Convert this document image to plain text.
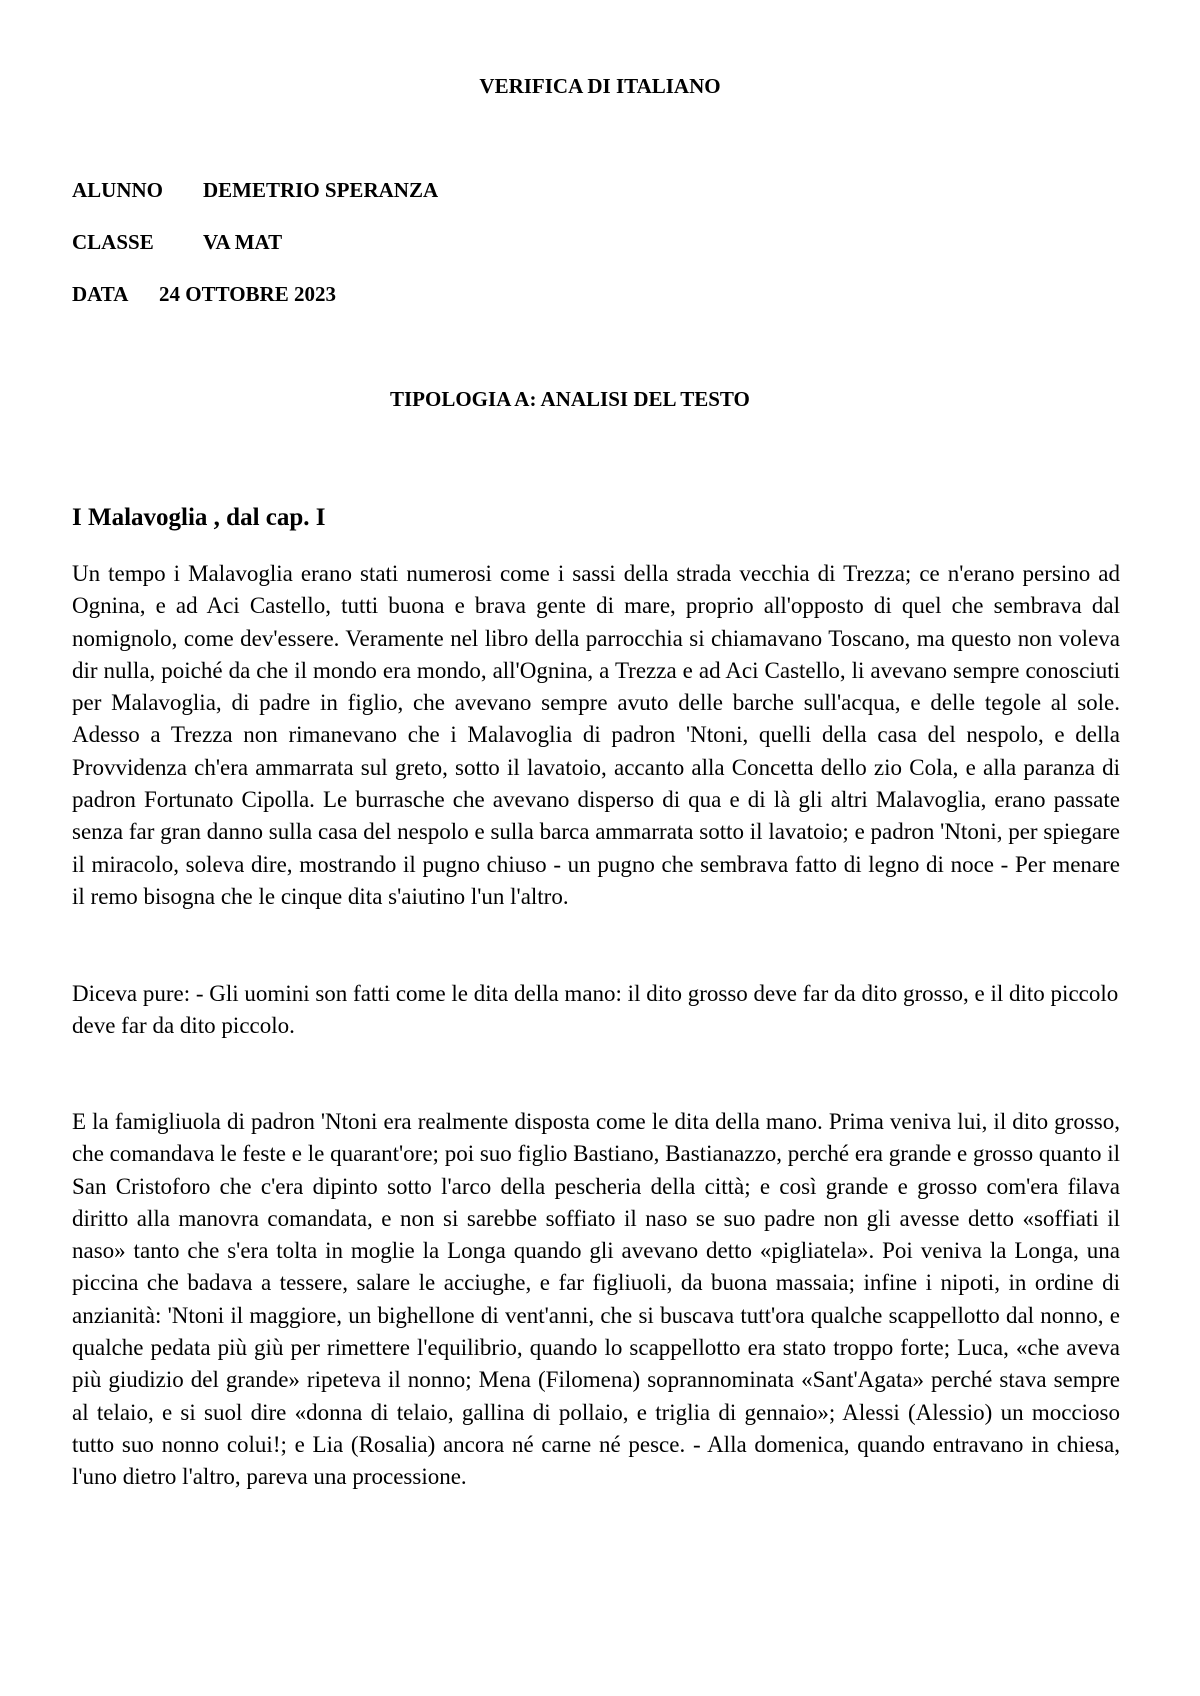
VERIFICA DI ITALIANO

ALUNNO DEMETRIO SPERANZA

CLASSE VA MAT

DATA 24 OTTOBRE 2023

TIPOLOGIA A: ANALISI DEL TESTO
I Malavoglia , dal cap. I

Un tempo i Malavoglia erano stati numerosi come i sassi della strada vecchia di Trezza; ce n'erano persino ad Ognina, e ad Aci Castello, tutti buona e brava gente di mare, proprio all'opposto di quel che sembrava dal nomignolo, come dev'essere. Veramente nel libro della parrocchia si chiamavano Toscano, ma questo non voleva dir nulla, poiché da che il mondo era mondo, all'Ognina, a Trezza e ad Aci Castello, li avevano sempre conosciuti per Malavoglia, di padre in figlio, che avevano sempre avuto delle barche sull'acqua, e delle tegole al sole. Adesso a Trezza non rimanevano che i Malavoglia di padron 'Ntoni, quelli della casa del nespolo, e della Provvidenza ch'era ammarrata sul greto, sotto il lavatoio, accanto alla Concetta dello zio Cola, e alla paranza di padron Fortunato Cipolla. Le burrasche che avevano disperso di qua e di là gli altri Malavoglia, erano passate senza far gran danno sulla casa del nespolo e sulla barca ammarrata sotto il lavatoio; e padron 'Ntoni, per spiegare il miracolo, soleva dire, mostrando il pugno chiuso - un pugno che sembrava fatto di legno di noce - Per menare il remo bisogna che le cinque dita s'aiutino l'un l'altro.

Diceva pure: - Gli uomini son fatti come le dita della mano: il dito grosso deve far da dito grosso, e il dito piccolo deve far da dito piccolo.

E la famigliuola di padron 'Ntoni era realmente disposta come le dita della mano. Prima veniva lui, il dito grosso, che comandava le feste e le quarant'ore; poi suo figlio Bastiano, Bastianazzo, perché era grande e grosso quanto il San Cristoforo che c'era dipinto sotto l'arco della pescheria della città; e così grande e grosso com'era filava diritto alla manovra comandata, e non si sarebbe soffiato il naso se suo padre non gli avesse detto «soffiati il naso» tanto che s'era tolta in moglie la Longa quando gli avevano detto «pigliatela». Poi veniva la Longa, una piccina che badava a tessere, salare le acciughe, e far figliuoli, da buona massaia; infine i nipoti, in ordine di anzianità: 'Ntoni il maggiore, un bighellone di vent'anni, che si buscava tutt'ora qualche scappellotto dal nonno, e qualche pedata più giù per rimettere l'equilibrio, quando lo scappellotto era stato troppo forte; Luca, «che aveva più giudizio del grande» ripeteva il nonno; Mena (Filomena) soprannominata «Sant'Agata» perché stava sempre al telaio, e si suol dire «donna di telaio, gallina di pollaio, e triglia di gennaio»; Alessi (Alessio) un moccioso tutto suo nonno colui!; e Lia (Rosalia) ancora né carne né pesce. - Alla domenica, quando entravano in chiesa, l'uno dietro l'altro, pareva una processione.
